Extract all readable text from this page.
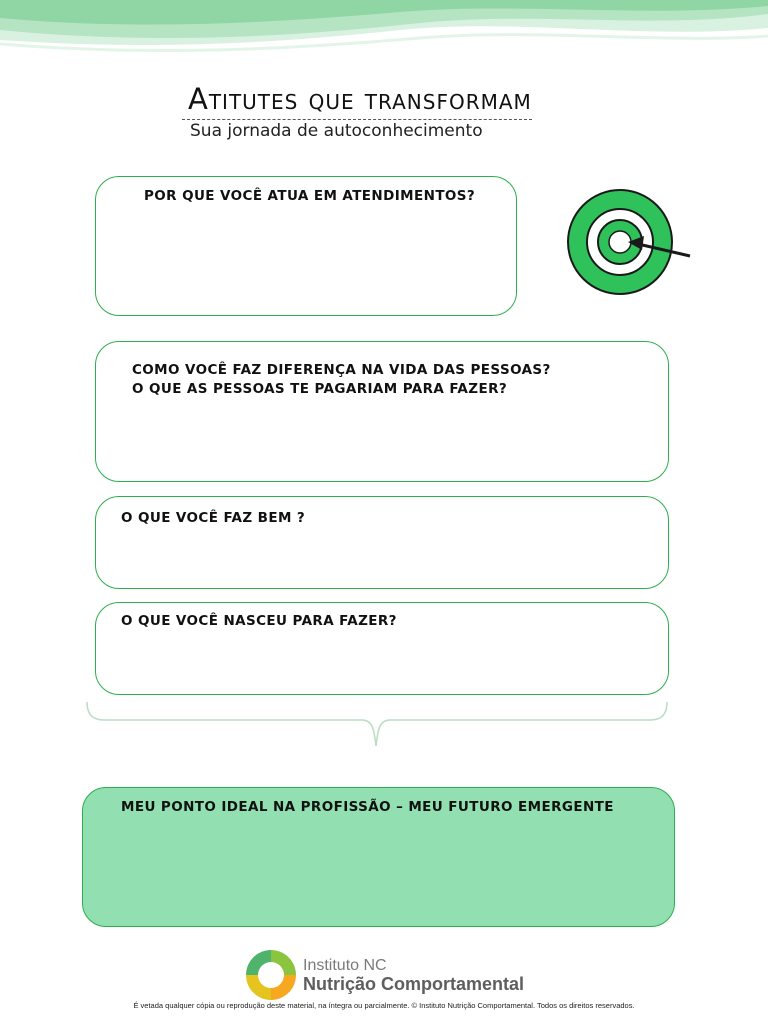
Atitutes que transformam
Sua jornada de autoconhecimento
POR QUE VOCÊ ATUA EM ATENDIMENTOS?
COMO VOCÊ FAZ DIFERENÇA NA VIDA DAS PESSOAS?
O QUE AS PESSOAS TE PAGARIAM PARA FAZER?
O QUE VOCÊ FAZ BEM ?
O QUE VOCÊ NASCEU PARA FAZER?
MEU PONTO IDEAL NA PROFISSÃO – MEU FUTURO EMERGENTE
Instituto NC
Nutrição Comportamental
É vetada qualquer cópia ou reprodução deste material, na íntegra ou parcialmente. © Instituto Nutrição Comportamental. Todos os direitos reservados.
